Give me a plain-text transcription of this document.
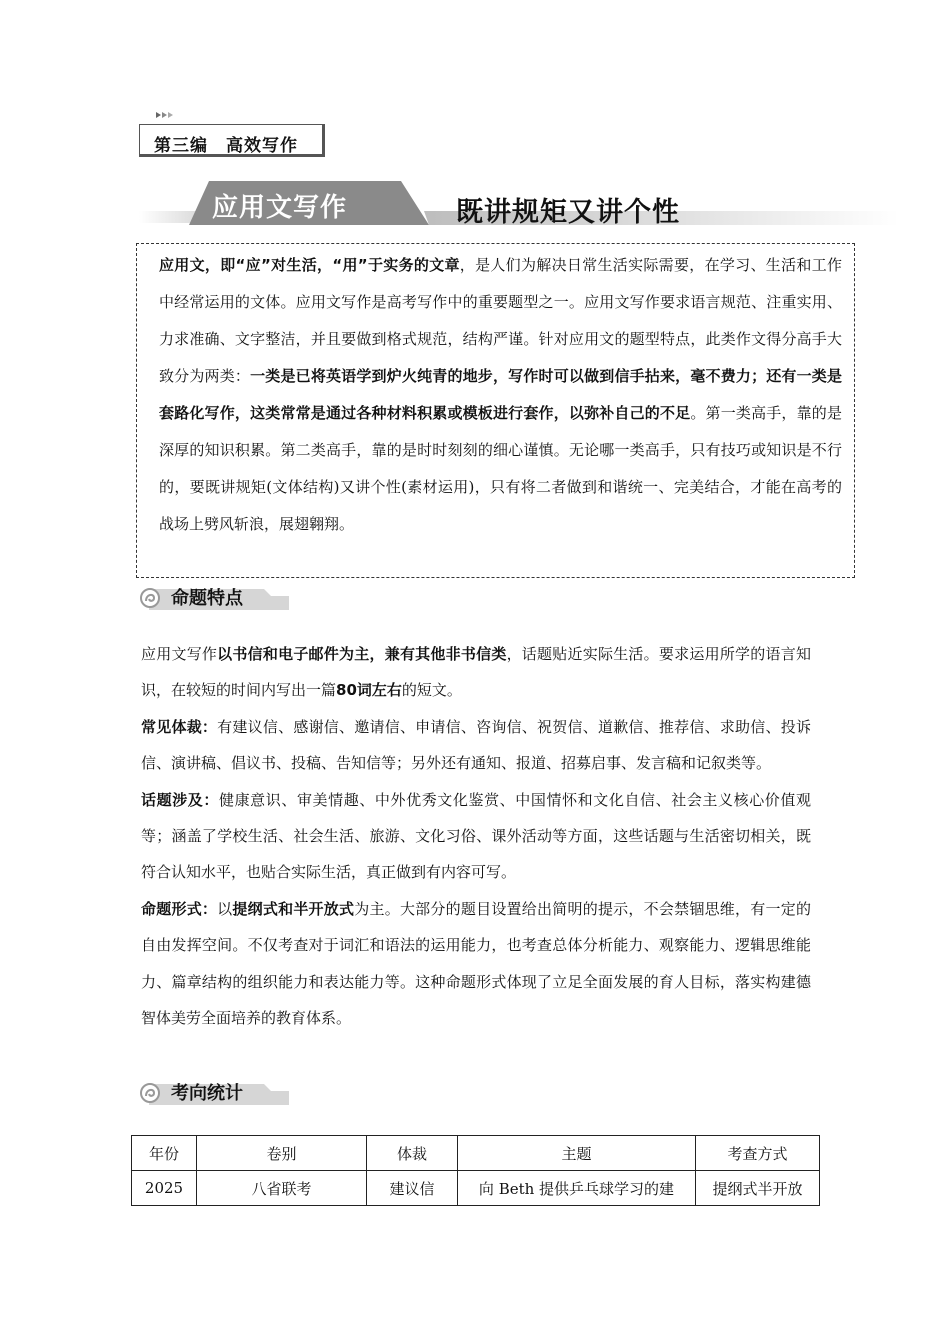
第三编　高效写作
应用文写作	既讲规矩又讲个性

应用文，即“应”对生活，“用”于实务的文章，是人们为解决日常生活实际需要，在学习、生活和工作中经常运用的文体。应用文写作是高考写作中的重要题型之一。应用文写作要求语言规范、注重实用、力求准确、文字整洁，并且要做到格式规范，结构严谨。针对应用文的题型特点，此类作文得分高手大致分为两类：一类是已将英语学到炉火纯青的地步，写作时可以做到信手拈来，毫不费力；还有一类是套路化写作，这类常常是通过各种材料积累或模板进行套作，以弥补自己的不足。第一类高手，靠的是深厚的知识积累。第二类高手，靠的是时时刻刻的细心谨慎。无论哪一类高手，只有技巧或知识是不行的，要既讲规矩(文体结构)又讲个性(素材运用)，只有将二者做到和谐统一、完美结合，才能在高考的战场上劈风斩浪，展翅翱翔。

命题特点

应用文写作以书信和电子邮件为主，兼有其他非书信类，话题贴近实际生活。要求运用所学的语言知识，在较短的时间内写出一篇80词左右的短文。

常见体裁：有建议信、感谢信、邀请信、申请信、咨询信、祝贺信、道歉信、推荐信、求助信、投诉信、演讲稿、倡议书、投稿、告知信等；另外还有通知、报道、招募启事、发言稿和记叙类等。

话题涉及：健康意识、审美情趣、中外优秀文化鉴赏、中国情怀和文化自信、社会主义核心价值观等；涵盖了学校生活、社会生活、旅游、文化习俗、课外活动等方面，这些话题与生活密切相关，既符合认知水平，也贴合实际生活，真正做到有内容可写。

命题形式：以提纲式和半开放式为主。大部分的题目设置给出简明的提示，不会禁锢思维，有一定的自由发挥空间。不仅考查对于词汇和语法的运用能力，也考查总体分析能力、观察能力、逻辑思维能力、篇章结构的组织能力和表达能力等。这种命题形式体现了立足全面发展的育人目标，落实构建德智体美劳全面培养的教育体系。

考向统计
年份	卷别	体裁	主题	考查方式
2025	八省联考	建议信	向 Beth 提供乒乓球学习的建	提纲式半开放
